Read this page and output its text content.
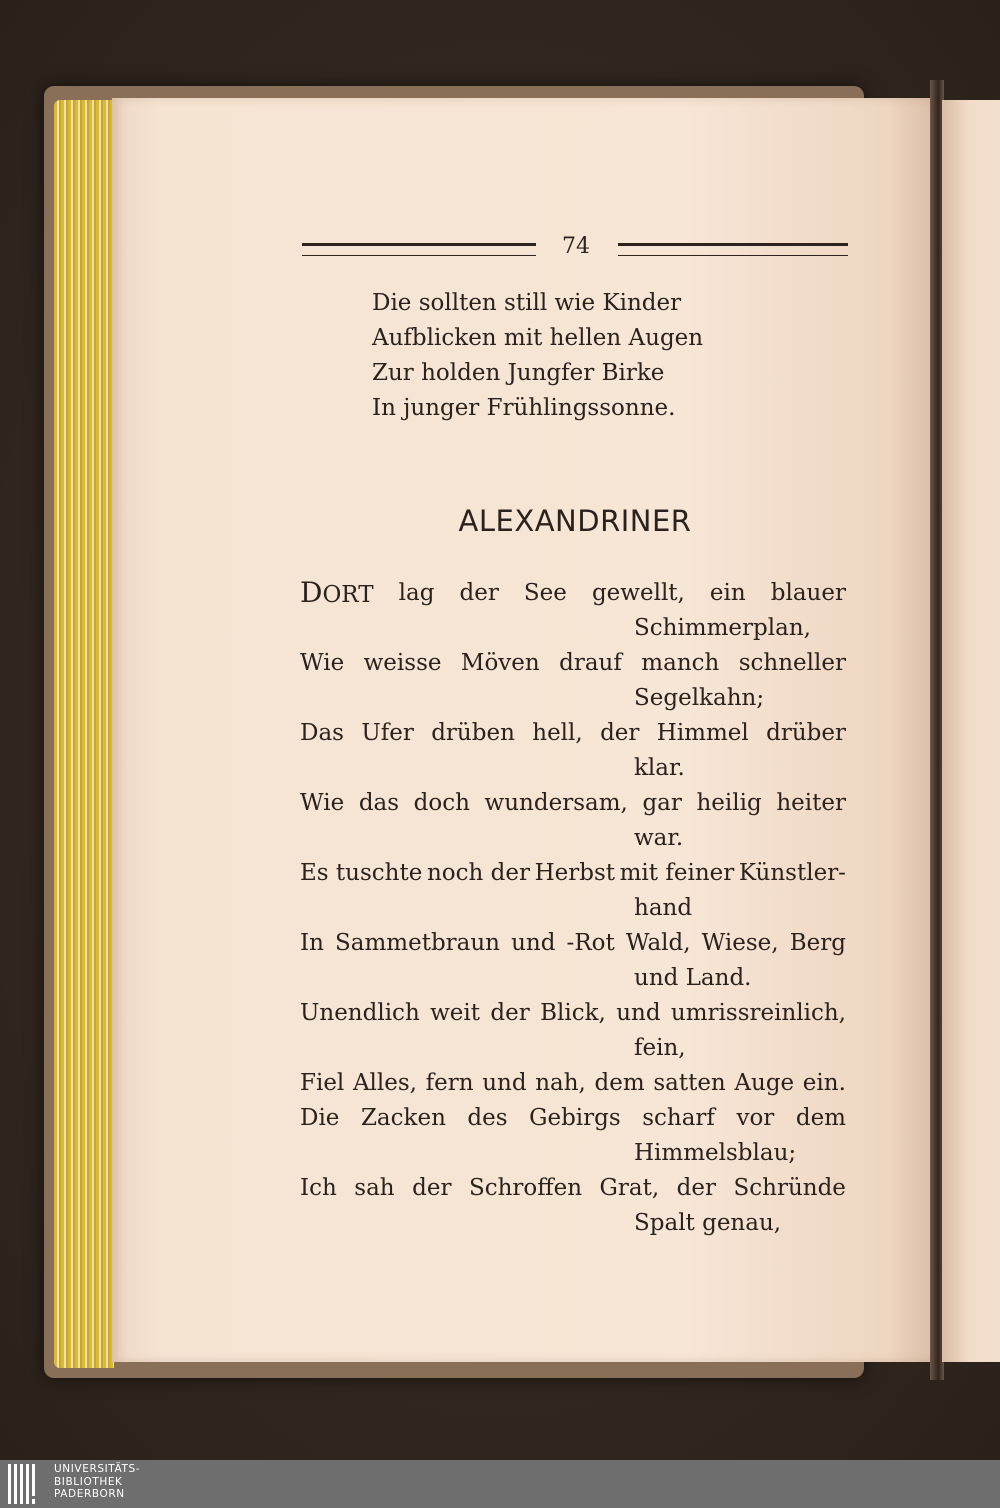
74
Die sollten still wie Kinder
Aufblicken mit hellen Augen
Zur holden Jungfer Birke
In junger Frühlingssonne.
ALEXANDRINER
DORT lag der See gewellt, ein blauer
Schimmerplan,
Wie weisse Möven drauf manch schneller
Segelkahn;
Das Ufer drüben hell, der Himmel drüber
klar.
Wie das doch wundersam, gar heilig heiter
war.
Es tuschte noch der Herbst mit feiner Künstler-
hand
In Sammetbraun und -Rot Wald, Wiese, Berg
und Land.
Unendlich weit der Blick, und umrissreinlich,
fein,
Fiel Alles, fern und nah, dem satten Auge ein.
Die Zacken des Gebirgs scharf vor dem
Himmelsblau;
Ich sah der Schroffen Grat, der Schründe
Spalt genau,
UNIVERSITÄTS-
BIBLIOTHEK
PADERBORN
